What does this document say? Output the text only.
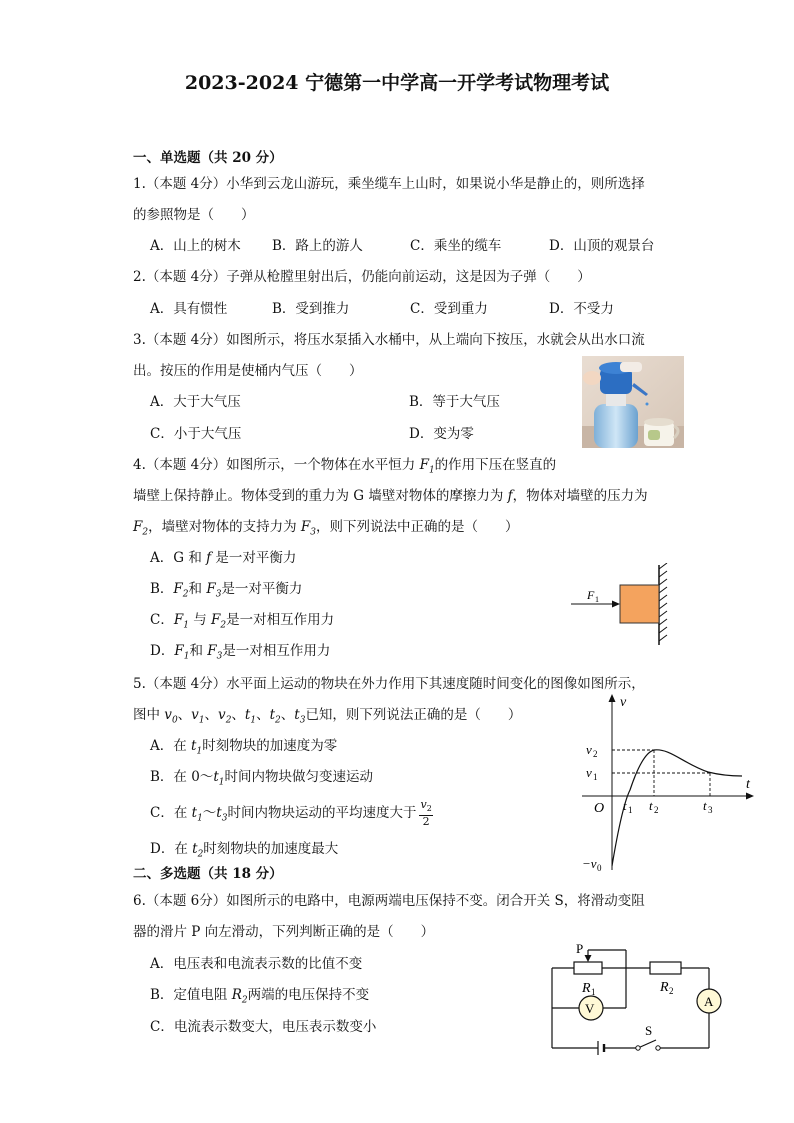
2023-2024 宁德第一中学高一开学考试物理考试
一、单选题（共 20 分）
1.（本题 4分）小华到云龙山游玩，乘坐缆车上山时，如果说小华是静止的，则所选择
的参照物是（　　）
A．山上的树木 B．路上的游人	C．乘坐的缆车	D．山顶的观景台
2.（本题 4分）子弹从枪膛里射出后，仍能向前运动，这是因为子弹（　　）
A．具有惯性	B．受到推力	C．受到重力	D．不受力
3.（本题 4分）如图所示，将压水泵插入水桶中，从上端向下按压，水就会从出水口流
出。按压的作用是使桶内气压（　　）
A．大于大气压	B．等于大气压
C．小于大气压	D．变为零
4.（本题 4分）如图所示，一个物体在水平恒力 $F_1$的作用下压在竖直的
墙壁上保持静止。物体受到的重力为 G 墙壁对物体的摩擦力为 f，物体对墙壁的压力为
$F_2$，墙壁对物体的支持力为 $F_3$，则下列说法中正确的是（　　）
A．G 和 f 是一对平衡力
B．$F_2$和 $F_3$是一对平衡力
C．$F_1$ 与 $F_2$是一对相互作用力
D．$F_1$和 $F_3$是一对相互作用力
F 1
5.（本题 4分）水平面上运动的物块在外力作用下其速度随时间变化的图像如图所示，
图中 $v_0$、$v_1$、$v_2$、$t_1$、$t_2$、$t_3$已知，则下列说法正确的是（　　）
A．在 $t_1$时刻物块的加速度为零
B．在 $0\sim t_1$时间内物块做匀变速运动
C．在 $t_1\sim t_3$时间内物块运动的平均速度大于 $\frac{v_2}{2}$
D．在 $t_2$时刻物块的加速度最大
v
t
O
v 2
v 1
−v 0
t 1 t 2	t 3
二、多选题（共 18 分）
6.（本题 6分）如图所示的电路中，电源两端电压保持不变。闭合开关 S，将滑动变阻
器的滑片 P 向左滑动，下列判断正确的是（　　）
A．电压表和电流表示数的比值不变
B．定值电阻 $R_2$两端的电压保持不变
C．电流表示数变大，电压表示数变小
P
R 1	R 2
V	A
S
